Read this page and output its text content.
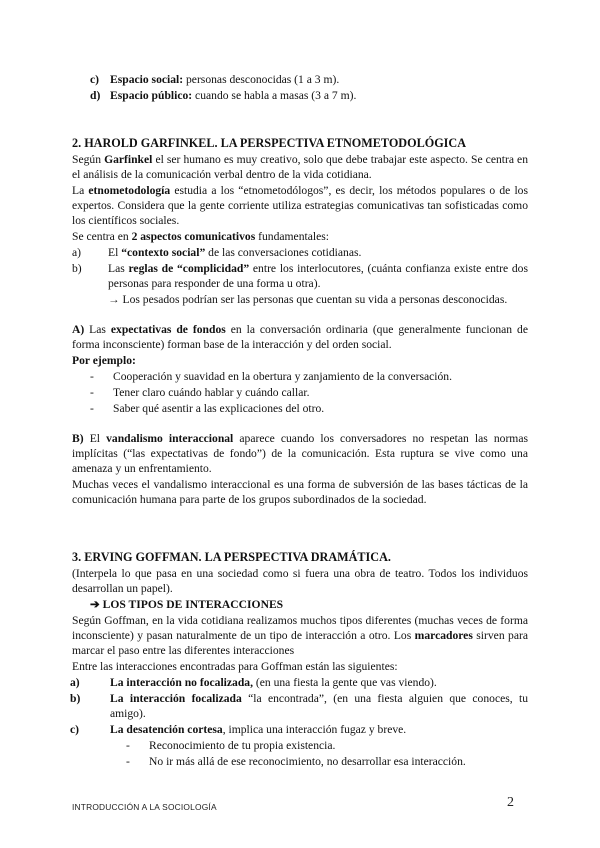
c) Espacio social: personas desconocidas (1 a 3 m).

d) Espacio público: cuando se habla a masas (3 a 7 m).

2. HAROLD GARFINKEL. LA PERSPECTIVA ETNOMETODOLÓGICA

Según Garfinkel el ser humano es muy creativo, solo que debe trabajar este aspecto. Se centra en el análisis de la comunicación verbal dentro de la vida cotidiana.

La etnometodología estudia a los “etnometodólogos”, es decir, los métodos populares o de los expertos. Considera que la gente corriente utiliza estrategias comunicativas tan sofisticadas como los científicos sociales.

Se centra en 2 aspectos comunicativos fundamentales:

a) El “contexto social” de las conversaciones cotidianas.

b) Las reglas de “complicidad” entre los interlocutores, (cuánta confianza existe entre dos personas para responder de una forma u otra).

→ Los pesados podrían ser las personas que cuentan su vida a personas desconocidas.

A) Las expectativas de fondos en la conversación ordinaria (que generalmente funcionan de forma inconsciente) forman base de la interacción y del orden social.

Por ejemplo:

- Cooperación y suavidad en la obertura y zanjamiento de la conversación.

- Tener claro cuándo hablar y cuándo callar.

- Saber qué asentir a las explicaciones del otro.

B) El vandalismo interaccional aparece cuando los conversadores no respetan las normas implícitas (“las expectativas de fondo”) de la comunicación. Esta ruptura se vive como una amenaza y un enfrentamiento.

Muchas veces el vandalismo interaccional es una forma de subversión de las bases tácticas de la comunicación humana para parte de los grupos subordinados de la sociedad.

3. ERVING GOFFMAN. LA PERSPECTIVA DRAMÁTICA.

(Interpela lo que pasa en una sociedad como si fuera una obra de teatro. Todos los individuos desarrollan un papel).

➔ LOS TIPOS DE INTERACCIONES

Según Goffman, en la vida cotidiana realizamos muchos tipos diferentes (muchas veces de forma inconsciente) y pasan naturalmente de un tipo de interacción a otro. Los marcadores sirven para marcar el paso entre las diferentes interacciones

Entre las interacciones encontradas para Goffman están las siguientes:

a)	La interacción no focalizada, (en una fiesta la gente que vas viendo).

b)	La interacción focalizada “la encontrada”, (en una fiesta alguien que conoces, tu amigo).

c)	La desatención cortesa, implica una interacción fugaz y breve.

- Reconocimiento de tu propia existencia.

- No ir más allá de ese reconocimiento, no desarrollar esa interacción.

INTRODUCCIÓN A LA SOCIOLOGÍA	2
